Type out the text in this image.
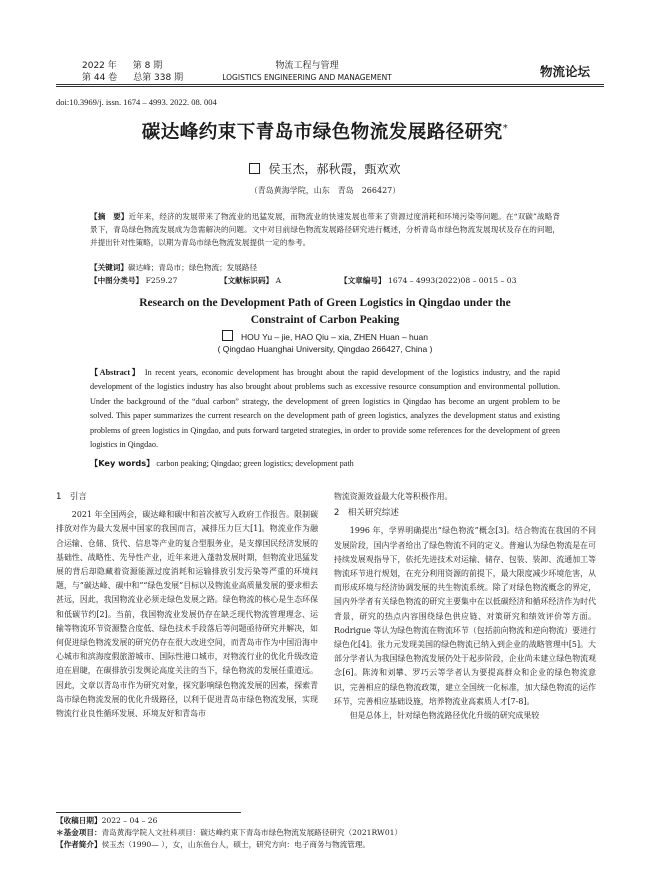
2022 年 第 8 期
第 44 卷 总第 338 期
物流工程与管理
LOGISTICS ENGINEERING AND MANAGEMENT	物流论坛
doi:10.3969/j. issn. 1674 – 4993. 2022. 08. 004
碳达峰约束下青岛市绿色物流发展路径研究*
侯玉杰，郝秋霞，甄欢欢
（青岛黄海学院，山东　青岛　266427）
【摘　要】近年来，经济的发展带来了物流业的迅猛发展，而物流业的快速发展也带来了资源过度消耗和环境污染等问题。在“双碳”战略背景下，青岛绿色物流发展成为急需解决的问题。文中对目前绿色物流发展路径研究进行概述，分析青岛市绿色物流发展现状及存在的问题，并提出针对性策略，以期为青岛市绿色物流发展提供一定的参考。
【关键词】碳达峰；青岛市；绿色物流；发展路径
【中图分类号】 F259.27	【文献标识码】 A	【文章编号】 1674 – 4993(2022)08 – 0015 – 03
Research on the Development Path of Green Logistics in Qingdao under the
Constraint of Carbon Peaking
HOU Yu – jie, HAO Qiu – xia, ZHEN Huan – huan
( Qingdao Huanghai University, Qingdao 266427, China )
【Abstract】 In recent years, economic development has brought about the rapid development of the logistics industry, and the rapid development of the logistics industry has also brought about problems such as excessive resource consumption and environmental pollution. Under the background of the “dual carbon” strategy, the development of green logistics in Qingdao has become an urgent problem to be solved. This paper summarizes the current research on the development path of green logistics, analyzes the development status and existing problems of green logistics in Qingdao, and puts forward targeted strategies, in order to provide some references for the development of green logistics in Qingdao.
【Key words】 carbon peaking; Qingdao; green logistics; development path
1　引言

2021 年全国两会，碳达峰和碳中和首次被写入政府工作报告。限制碳排放对作为最大发展中国家的我国而言，减排压力巨大[1]。物流业作为融合运输、仓储、货代、信息等产业的复合型服务业，是支撑国民经济发展的基础性、战略性、先导性产业，近年来进入蓬勃发展时期，但物流业迅猛发展的背后却隐藏着资源能源过度消耗和运输排放引发污染等严重的环境问题，与“碳达峰、碳中和”“绿色发展”目标以及物流业高质量发展的要求相去甚远，因此，我国物流业必须走绿色发展之路。绿色物流的核心是生态环保和低碳节约[2]。当前，我国物流业发展仍存在缺乏现代物流管理理念、运输等物流环节资源整合度低、绿色技术手段落后等问题亟待研究并解决，如何促进绿色物流发展的研究仍存在很大改进空间，而青岛市作为中国沿海中心城市和滨海度假旅游城市、国际性港口城市，对物流行业的优化升级改造迫在眉睫，在碳排放引发舆论高度关注的当下，绿色物流的发展任重道远。因此，文章以青岛市作为研究对象，探究影响绿色物流发展的因素，探索青岛市绿色物流发展的优化升级路径，以利于促进青岛市绿色物流发展，实现物流行业良性循环发展、环境友好和青岛市

物流资源效益最大化等积极作用。

2　相关研究综述

1996 年，学界明确提出“绿色物流”概念[3]。结合物流在我国的不同发展阶段，国内学者给出了绿色物流不同的定义。普遍认为绿色物流是在可持续发展观指导下，依托先进技术对运输、储存、包装、装卸、流通加工等物流环节进行规划，在充分利用资源的前提下，最大限度减少环境危害，从而形成环境与经济协调发展的共生物流系统。除了对绿色物流概念的界定，国内外学者有关绿色物流的研究主要集中在以低碳经济和循环经济作为时代背景，研究的热点内容围绕绿色供应链、对策研究和绩效评价等方面。Rodrigue 等认为绿色物流在物流环节（包括前向物流和逆向物流）要进行绿色化[4]。张力元发现美国的绿色物流已纳入到企业的战略管理中[5]。大部分学者认为我国绿色物流发展仍处于起步阶段，企业尚未建立绿色物流观念[6]。陈涛和刘攀、罗巧云等学者认为要提高群众和企业的绿色物流意识，完善相应的绿色物流政策，建立全国统一化标准，加大绿色物流的运作环节，完善相应基础设施，培养物流业高素质人才[7-8]。

但是总体上，针对绿色物流路径优化升级的研究成果较

【收稿日期】2022 – 04 – 26
＊基金项目：青岛黄海学院人文社科项目：碳达峰约束下青岛市绿色物流发展路径研究（2021RW01）
【作者简介】侯玉杰（1990— ），女，山东鱼台人，硕士，研究方向：电子商务与物流管理。
